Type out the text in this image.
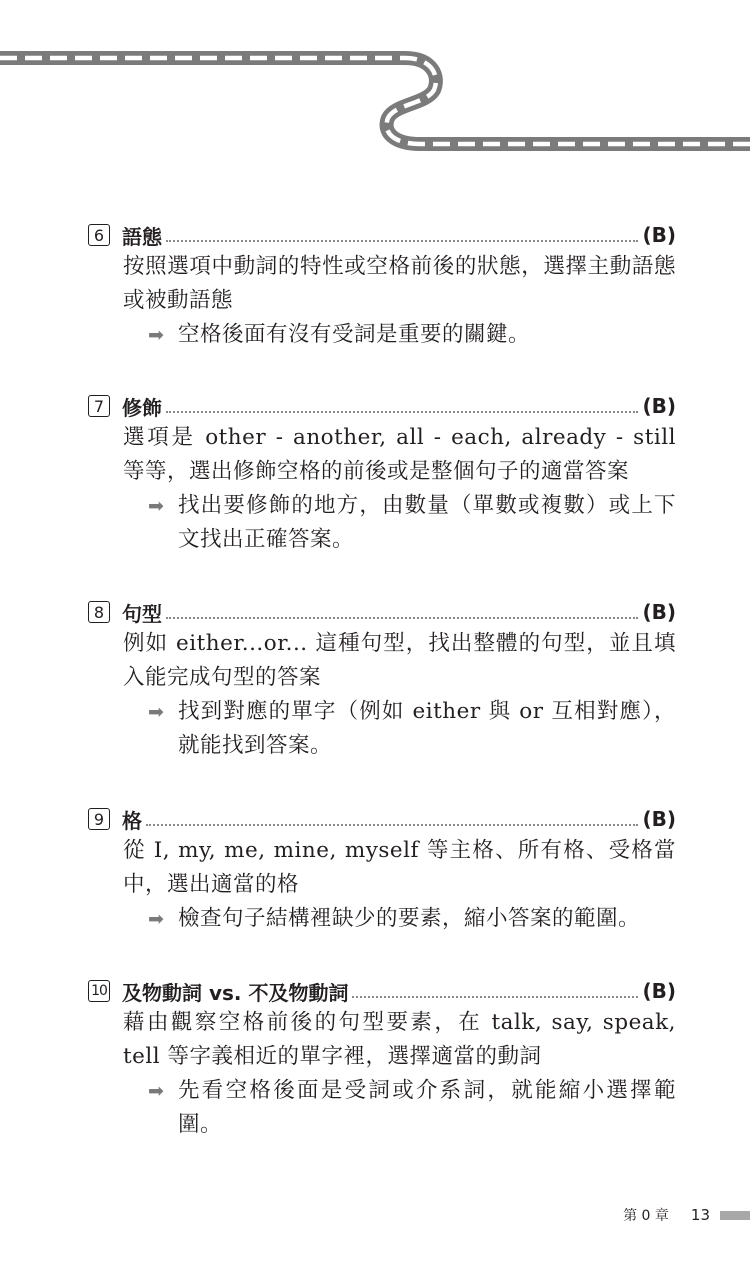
6 語態	(B)
按照選項中動詞的特性或空格前後的狀態，選擇主動語態或被動語態
➡ 空格後面有沒有受詞是重要的關鍵。
7 修飾	(B)
選項是 other - another, all - each, already - still 等等，選出修飾空格的前後或是整個句子的適當答案
➡ 找出要修飾的地方，由數量（單數或複數）或上下文找出正確答案。
8 句型	(B)
例如 either...or... 這種句型，找出整體的句型，並且填入能完成句型的答案
➡ 找到對應的單字（例如 either 與 or 互相對應），就能找到答案。
9 格	(B)
從 I, my, me, mine, myself 等主格、所有格、受格當中，選出適當的格
➡ 檢查句子結構裡缺少的要素，縮小答案的範圍。
10 及物動詞 vs. 不及物動詞	(B)
藉由觀察空格前後的句型要素，在 talk, say, speak, tell 等字義相近的單字裡，選擇適當的動詞
➡ 先看空格後面是受詞或介系詞，就能縮小選擇範圍。
第 0 章 13
